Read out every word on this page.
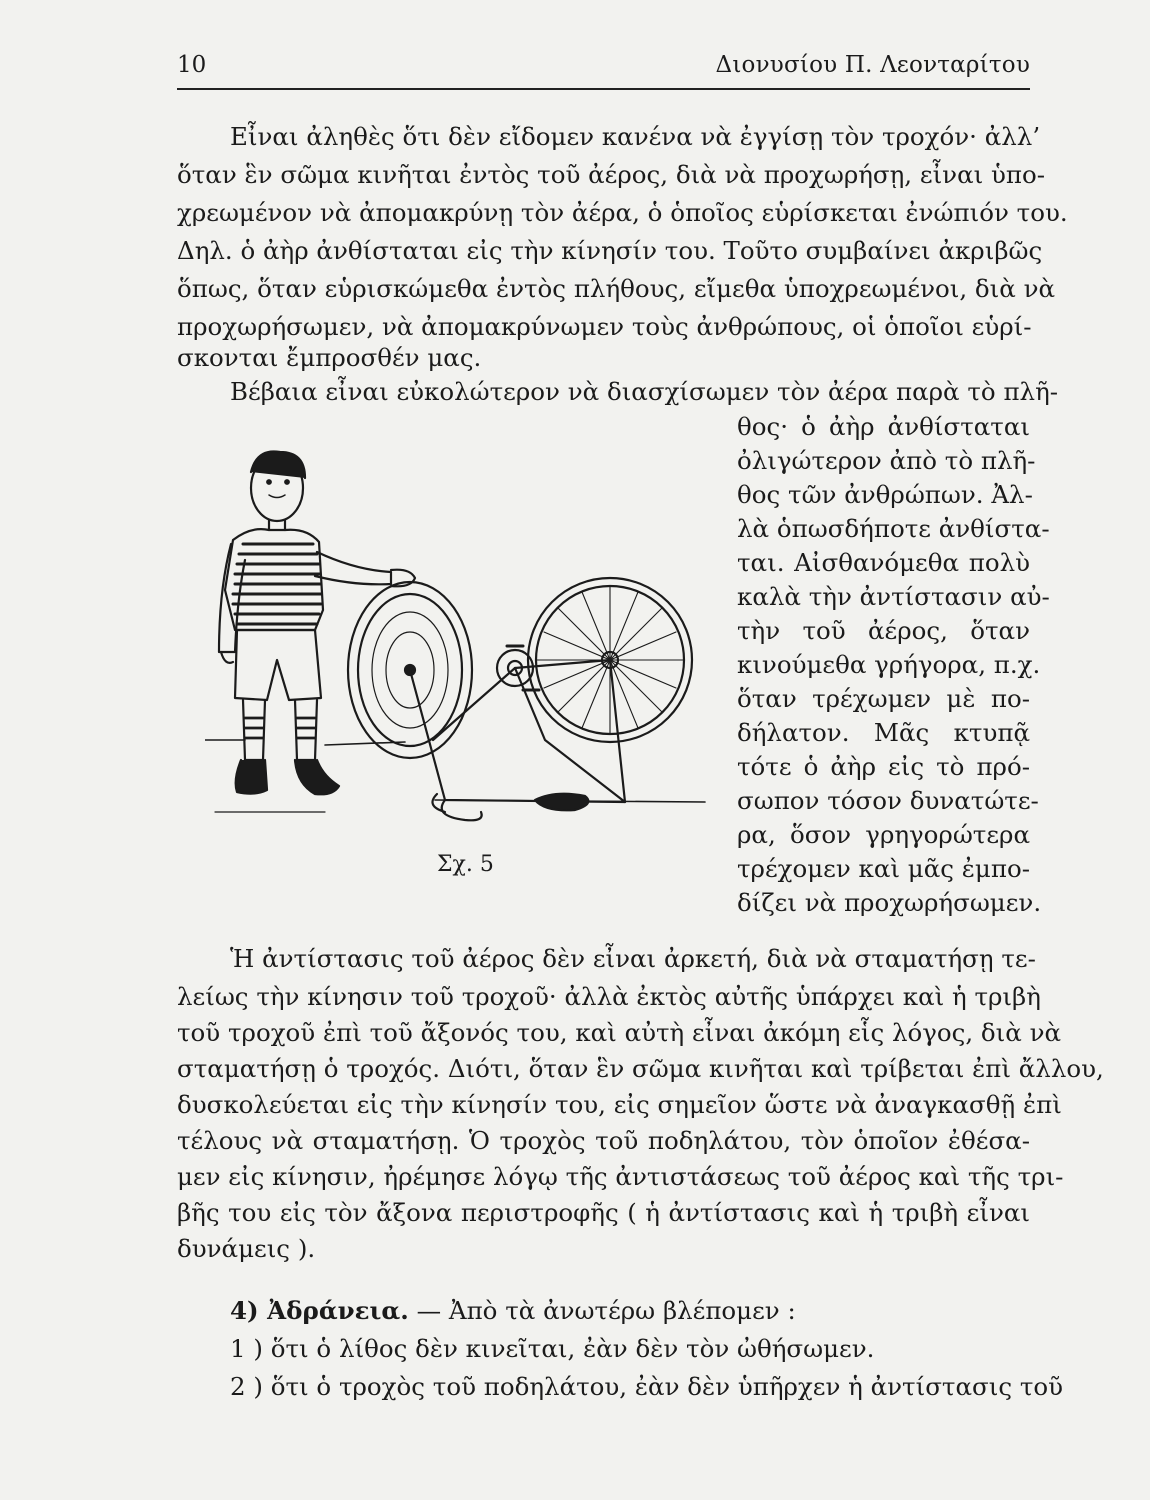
10	Διονυσίου Π. Λεονταρίτου
Εἶναι ἀληθὲς ὅτι δὲν εἴδομεν κανένα νὰ ἐγγίσῃ τὸν τροχόν· ἀλλ’
ὅταν ἓν σῶμα κινῆται ἐντὸς τοῦ ἀέρος, διὰ νὰ προχωρήσῃ, εἶναι ὑπο-
χρεωμένον νὰ ἀπομακρύνῃ τὸν ἀέρα, ὁ ὁποῖος εὑρίσκεται ἐνώπιόν του.
Δηλ. ὁ ἀὴρ ἀνθίσταται εἰς τὴν κίνησίν του. Τοῦτο συμβαίνει ἀκριβῶς
ὅπως, ὅταν εὑρισκώμεθα ἐντὸς πλήθους, εἴμεθα ὑποχρεωμένοι, διὰ νὰ
προχωρήσωμεν, νὰ ἀπομακρύνωμεν τοὺς ἀνθρώπους, οἱ ὁποῖοι εὑρί-
σκονται ἔμπροσθέν μας.
Βέβαια εἶναι εὐκολώτερον νὰ διασχίσωμεν τὸν ἀέρα παρὰ τὸ πλῆ-
θος· ὁ ἀὴρ ἀνθίσταται
ὀλιγώτερον ἀπὸ τὸ πλῆ-
θος τῶν ἀνθρώπων. Ἀλ-
λὰ ὁπωσδήποτε ἀνθίστα-
ται. Αἰσθανόμεθα πολὺ
καλὰ τὴν ἀντίστασιν αὐ-
τὴν τοῦ ἀέρος, ὅταν
κινούμεθα γρήγορα, π.χ.
ὅταν τρέχωμεν μὲ πο-
δήλατον. Μᾶς κτυπᾷ
τότε ὁ ἀὴρ εἰς τὸ πρό-
σωπον τόσον δυνατώτε-
ρα, ὅσον γρηγορώτερα
τρέχομεν καὶ μᾶς ἐμπο-
δίζει νὰ προχωρήσωμεν.
Σχ. 5
Ἡ ἀντίστασις τοῦ ἀέρος δὲν εἶναι ἀρκετή, διὰ νὰ σταματήσῃ τε-
λείως τὴν κίνησιν τοῦ τροχοῦ· ἀλλὰ ἐκτὸς αὐτῆς ὑπάρχει καὶ ἡ τριβὴ
τοῦ τροχοῦ ἐπὶ τοῦ ἄξονός του, καὶ αὐτὴ εἶναι ἀκόμη εἷς λόγος, διὰ νὰ
σταματήσῃ ὁ τροχός. Διότι, ὅταν ἓν σῶμα κινῆται καὶ τρίβεται ἐπὶ ἄλλου,
δυσκολεύεται εἰς τὴν κίνησίν του, εἰς σημεῖον ὥστε νὰ ἀναγκασθῇ ἐπὶ
τέλους νὰ σταματήσῃ. Ὁ τροχὸς τοῦ ποδηλάτου, τὸν ὁποῖον ἐθέσα-
μεν εἰς κίνησιν, ἠρέμησε λόγῳ τῆς ἀντιστάσεως τοῦ ἀέρος καὶ τῆς τρι-
βῆς του εἰς τὸν ἄξονα περιστροφῆς ( ἡ ἀντίστασις καὶ ἡ τριβὴ εἶναι
δυνάμεις ).
4) Ἀδράνεια. — Ἀπὸ τὰ ἀνωτέρω βλέπομεν :
1 ) ὅτι ὁ λίθος δὲν κινεῖται, ἐὰν δὲν τὸν ὠθήσωμεν.
2 ) ὅτι ὁ τροχὸς τοῦ ποδηλάτου, ἐὰν δὲν ὑπῆρχεν ἡ ἀντίστασις τοῦ
